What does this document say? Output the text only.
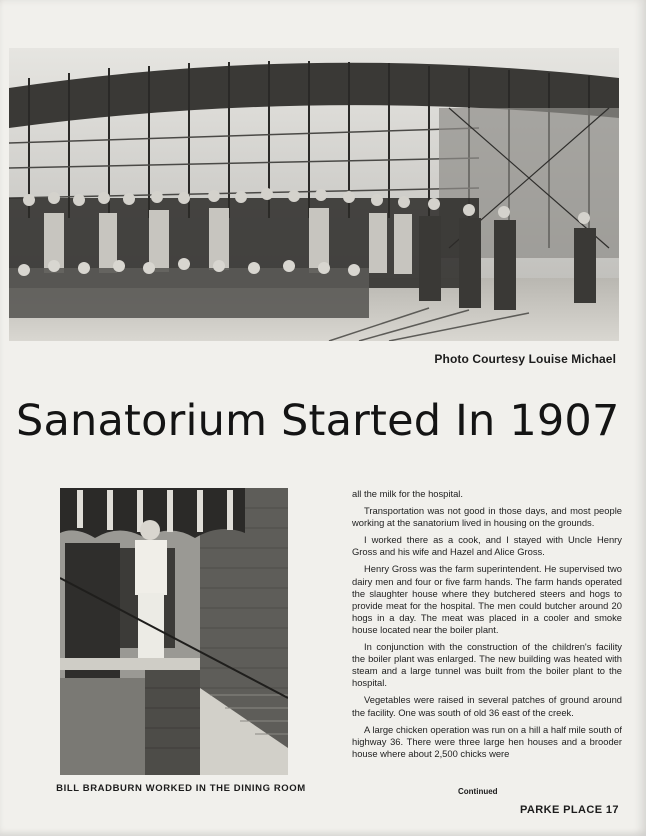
Photo Courtesy Louise Michael
Sanatorium Started In 1907
BILL BRADBURN WORKED IN THE DINING ROOM

all the milk for the hospital.

Transportation was not good in those days, and most people working at the sanatorium lived in housing on the grounds.

I worked there as a cook, and I stayed with Uncle Henry Gross and his wife and Hazel and Alice Gross.

Henry Gross was the farm superintendent. He supervised two dairy men and four or five farm hands. The farm hands operated the slaughter house where they butchered steers and hogs to provide meat for the hospital. The men could butcher around 20 hogs in a day. The meat was placed in a cooler and smoke house located near the boiler plant.

In conjunction with the construction of the children's facility the boiler plant was enlarged. The new building was heated with steam and a large tunnel was built from the boiler plant to the hospital.

Vegetables were raised in several patches of ground around the facility. One was south of old 36 east of the creek.

A large chicken operation was run on a hill a half mile south of highway 36. There were three large hen houses and a brooder house where about 2,500 chicks were

Continued
PARKE PLACE 17
